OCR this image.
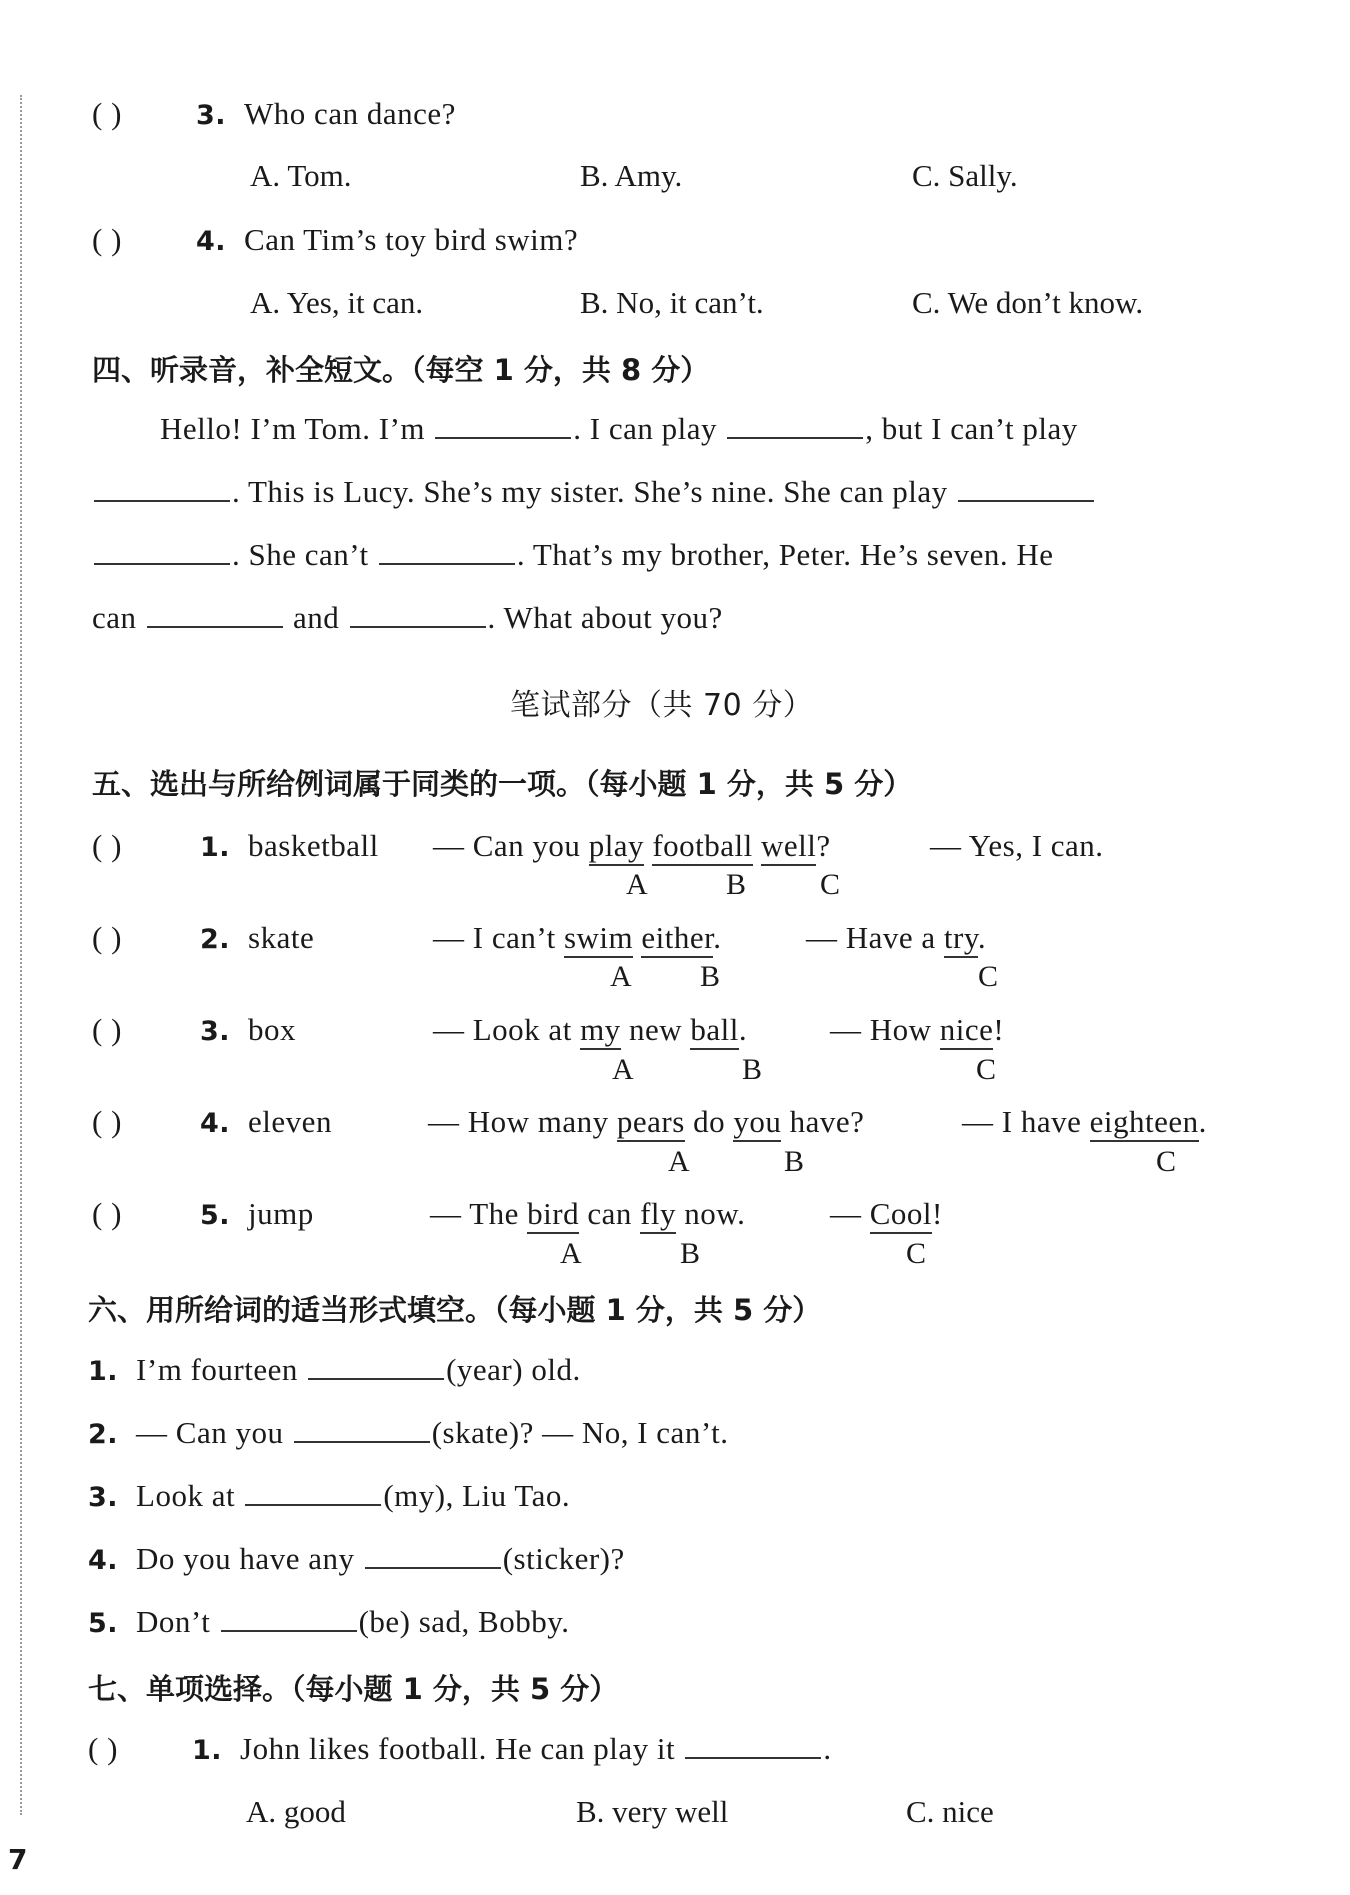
( )	3. Who can dance?
A. Tom.	B. Amy.	C. Sally.
( )	4. Can Tim’s toy bird swim?
A. Yes, it can.	B. No, it can’t.	C. We don’t know.
四、听录音，补全短文。（每空 1 分，共 8 分）
Hello! I’m Tom. I’m	. I can play	, but I can’t play
. This is Lucy. She’s my sister. She’s nine. She can play
. She can’t	. That’s my brother, Peter. He’s seven. He
can	and	. What about you?
笔试部分（共 70 分）
五、选出与所给例词属于同类的一项。（每小题 1 分，共 5 分）
( )	1. basketball — Can you play football well?	— Yes, I can.
A	B C
( )	2. skate	— I can’t swim either.	— Have a try.
A B	C
( )	3. box	— Look at my new ball.	— How nice!
A	B	C
( )	4. eleven	— How many pears do you have?	— I have eighteen.
A	B	C
( )	5. jump	— The bird can fly now.	— Cool!
A	B	C
六、用所给词的适当形式填空。（每小题 1 分，共 5 分）
1. I’m fourteen	(year) old.
2. — Can you	(skate)? — No, I can’t.
3. Look at	(my), Liu Tao.
4. Do you have any	(sticker)?
5. Don’t	(be) sad, Bobby.
七、单项选择。（每小题 1 分，共 5 分）
( )	1. John likes football. He can play it	.
A. good	B. very well	C. nice
7
